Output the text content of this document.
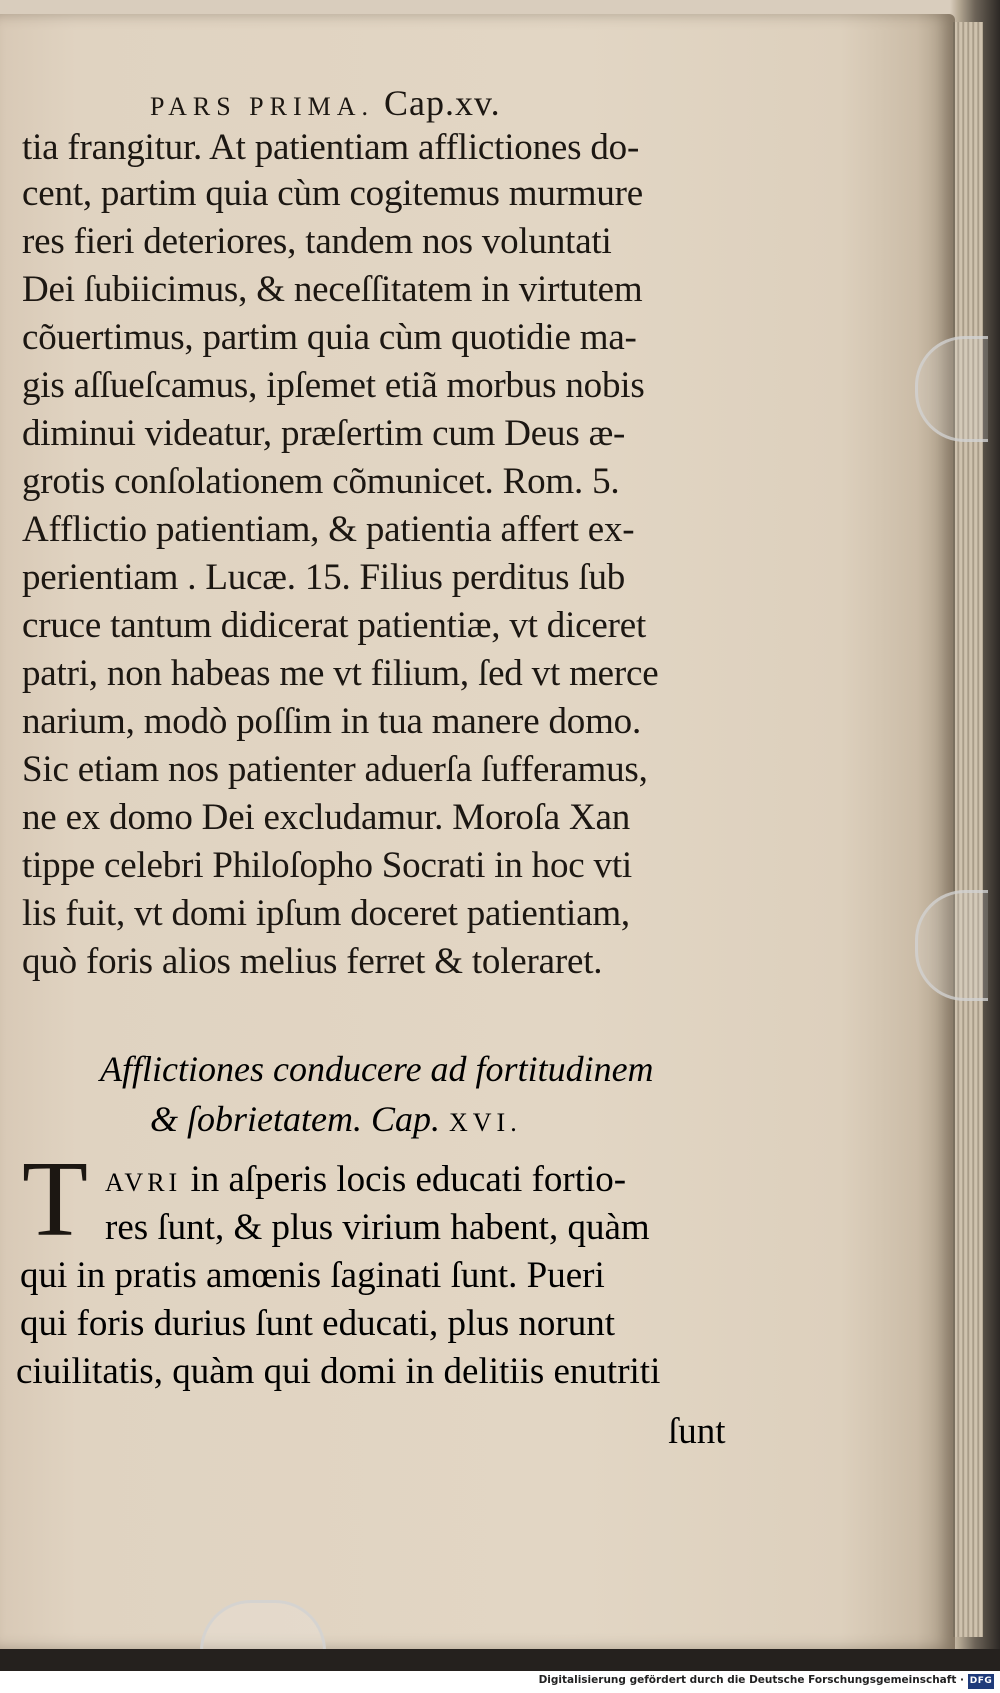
PARS PRIMA. Cap.xv.
tia frangitur. At patientiam afflictiones do-
cent, partim quia cùm cogitemus murmure
res fieri deteriores, tandem nos voluntati
Dei ſubiicimus, & neceſſitatem in virtutem
cõuertimus, partim quia cùm quotidie ma-
gis aſſueſcamus, ipſemet etiã morbus nobis
diminui videatur, præſertim cum Deus æ-
grotis conſolationem cõmunicet. Rom. 5.
Afflictio patientiam, & patientia affert ex-
perientiam . Lucæ. 15. Filius perditus ſub
cruce tantum didicerat patientiæ, vt diceret
patri, non habeas me vt filium, ſed vt merce
narium, modò poſſim in tua manere domo.
Sic etiam nos patienter aduerſa ſufferamus,
ne ex domo Dei excludamur. Moroſa Xan
tippe celebri Philoſopho Socrati in hoc vti
lis fuit, vt domi ipſum doceret patientiam,
quò foris alios melius ferret & toleraret.
Afflictiones conducere ad fortitudinem
& ſobrietatem. Cap. XVI.
T AVRI in aſperis locis educati fortio-
res ſunt, & plus virium habent, quàm
qui in pratis amœnis ſaginati ſunt. Pueri
qui foris durius ſunt educati, plus norunt
ciuilitatis, quàm qui domi in delitiis enutriti
ſunt
Digitalisierung gefördert durch die Deutsche Forschungsgemeinschaft · DFG
